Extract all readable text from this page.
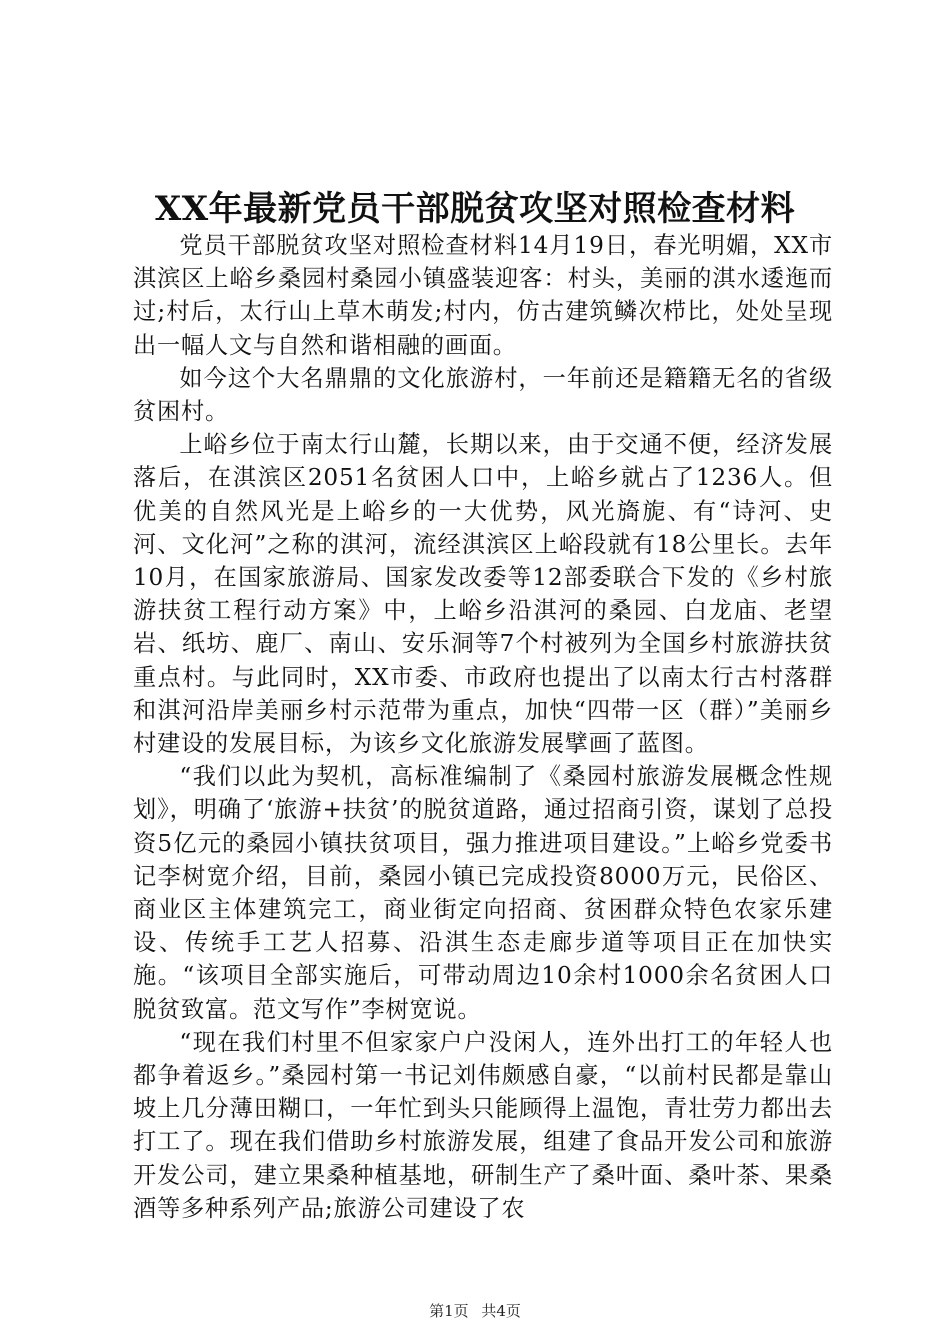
XX年最新党员干部脱贫攻坚对照检查材料

党员干部脱贫攻坚对照检查材料14月19日，春光明媚，XX市淇滨区上峪乡桑园村桑园小镇盛装迎客：村头，美丽的淇水逶迤而过;村后，太行山上草木萌发;村内，仿古建筑鳞次栉比，处处呈现出一幅人文与自然和谐相融的画面。

如今这个大名鼎鼎的文化旅游村，一年前还是籍籍无名的省级贫困村。

上峪乡位于南太行山麓，长期以来，由于交通不便，经济发展落后，在淇滨区2051名贫困人口中，上峪乡就占了1236人。但优美的自然风光是上峪乡的一大优势，风光旖旎、有“诗河、史河、文化河”之称的淇河，流经淇滨区上峪段就有18公里长。去年10月，在国家旅游局、国家发改委等12部委联合下发的《乡村旅游扶贫工程行动方案》中，上峪乡沿淇河的桑园、白龙庙、老望岩、纸坊、鹿厂、南山、安乐洞等7个村被列为全国乡村旅游扶贫重点村。与此同时，XX市委、市政府也提出了以南太行古村落群和淇河沿岸美丽乡村示范带为重点，加快“四带一区（群）”美丽乡村建设的发展目标，为该乡文化旅游发展擘画了蓝图。

“我们以此为契机，高标准编制了《桑园村旅游发展概念性规划》，明确了‘旅游+扶贫’的脱贫道路，通过招商引资，谋划了总投资5亿元的桑园小镇扶贫项目，强力推进项目建设。”上峪乡党委书记李树宽介绍，目前，桑园小镇已完成投资8000万元，民俗区、商业区主体建筑完工，商业街定向招商、贫困群众特色农家乐建设、传统手工艺人招募、沿淇生态走廊步道等项目正在加快实施。“该项目全部实施后，可带动周边10余村1000余名贫困人口脱贫致富。范文写作”李树宽说。

“现在我们村里不但家家户户没闲人，连外出打工的年轻人也都争着返乡。”桑园村第一书记刘伟颇感自豪，“以前村民都是靠山坡上几分薄田糊口，一年忙到头只能顾得上温饱，青壮劳力都出去打工了。现在我们借助乡村旅游发展，组建了食品开发公司和旅游开发公司，建立果桑种植基地，研制生产了桑叶面、桑叶茶、果桑酒等多种系列产品;旅游公司建设了农

第1页 共4页
